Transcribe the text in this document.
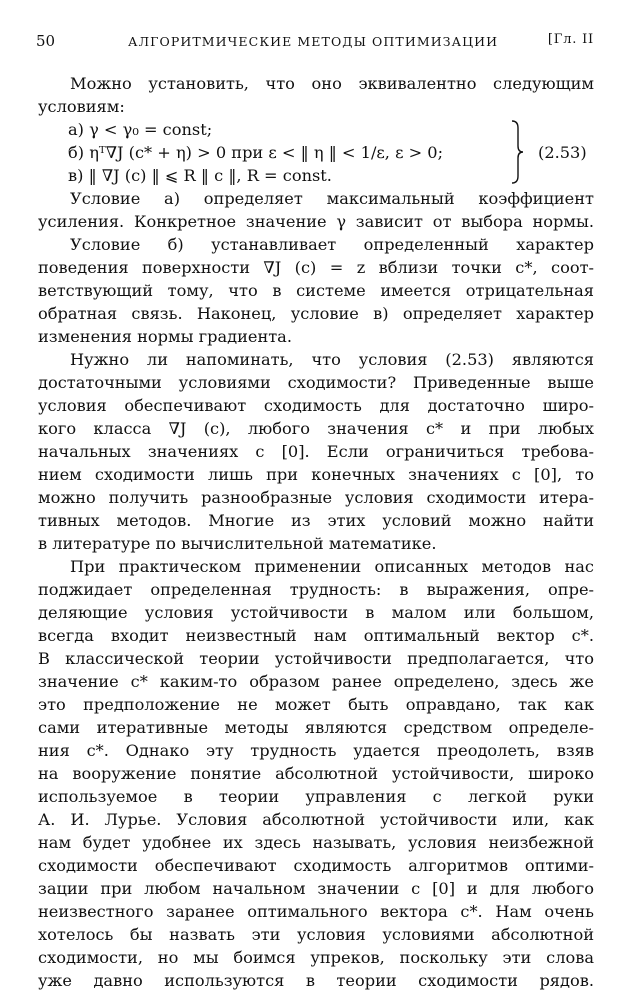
50	АЛГОРИТМИЧЕСКИЕ МЕТОДЫ ОПТИМИЗАЦИИ	[Гл. II
Можно установить, что оно эквивалентно следующим
условиям:
а) γ < γ₀ = const;
б) ηᵀ∇J (c* + η) > 0 при ε < ‖ η ‖ < 1/ε, ε > 0;
в) ‖ ∇J (c) ‖ ⩽ R ‖ c ‖, R = const.
(2.53)
Условие а) определяет максимальный коэффициент
усиления. Конкретное значение γ зависит от выбора нормы.
Условие б) устанавливает определенный характер
поведения поверхности ∇J (c) = z вблизи точки c*, соот-
ветствующий тому, что в системе имеется отрицательная
обратная связь. Наконец, условие в) определяет характер
изменения нормы градиента.
Нужно ли напоминать, что условия (2.53) являются
достаточными условиями сходимости? Приведенные выше
условия обеспечивают сходимость для достаточно широ-
кого класса ∇J (c), любого значения c* и при любых
начальных значениях c [0]. Если ограничиться требова-
нием сходимости лишь при конечных значениях c [0], то
можно получить разнообразные условия сходимости итера-
тивных методов. Многие из этих условий можно найти
в литературе по вычислительной математике.
При практическом применении описанных методов нас
поджидает определенная трудность: в выражения, опре-
деляющие условия устойчивости в малом или большом,
всегда входит неизвестный нам оптимальный вектор c*.
В классической теории устойчивости предполагается, что
значение c* каким-то образом ранее определено, здесь же
это предположение не может быть оправдано, так как
сами итеративные методы являются средством определе-
ния c*. Однако эту трудность удается преодолеть, взяв
на вооружение понятие абсолютной устойчивости, широко
используемое в теории управления с легкой руки
А. И. Лурье. Условия абсолютной устойчивости или, как
нам будет удобнее их здесь называть, условия неизбежной
сходимости обеспечивают сходимость алгоритмов оптими-
зации при любом начальном значении c [0] и для любого
неизвестного заранее оптимального вектора c*. Нам очень
хотелось бы назвать эти условия условиями абсолютной
сходимости, но мы боимся упреков, поскольку эти слова
уже давно используются в теории сходимости рядов.
